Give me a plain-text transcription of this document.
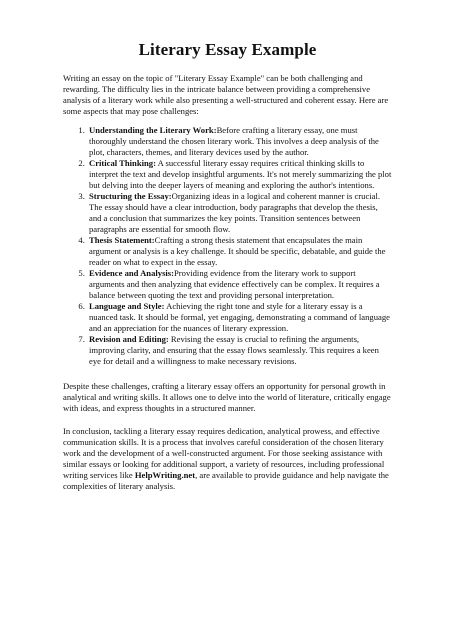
Literary Essay Example

Writing an essay on the topic of "Literary Essay Example" can be both challenging and rewarding. The difficulty lies in the intricate balance between providing a comprehensive analysis of a literary work while also presenting a well-structured and coherent essay. Here are some aspects that may pose challenges:

1. Understanding the Literary Work:Before crafting a literary essay, one must thoroughly understand the chosen literary work. This involves a deep analysis of the plot, characters, themes, and literary devices used by the author.
2. Critical Thinking: A successful literary essay requires critical thinking skills to interpret the text and develop insightful arguments. It's not merely summarizing the plot but delving into the deeper layers of meaning and exploring the author's intentions.
3. Structuring the Essay:Organizing ideas in a logical and coherent manner is crucial. The essay should have a clear introduction, body paragraphs that develop the thesis, and a conclusion that summarizes the key points. Transition sentences between paragraphs are essential for smooth flow.
4. Thesis Statement:Crafting a strong thesis statement that encapsulates the main argument or analysis is a key challenge. It should be specific, debatable, and guide the reader on what to expect in the essay.
5. Evidence and Analysis:Providing evidence from the literary work to support arguments and then analyzing that evidence effectively can be complex. It requires a balance between quoting the text and providing personal interpretation.
6. Language and Style: Achieving the right tone and style for a literary essay is a nuanced task. It should be formal, yet engaging, demonstrating a command of language and an appreciation for the nuances of literary expression.
7. Revision and Editing: Revising the essay is crucial to refining the arguments, improving clarity, and ensuring that the essay flows seamlessly. This requires a keen eye for detail and a willingness to make necessary revisions.

Despite these challenges, crafting a literary essay offers an opportunity for personal growth in analytical and writing skills. It allows one to delve into the world of literature, critically engage with ideas, and express thoughts in a structured manner.

In conclusion, tackling a literary essay requires dedication, analytical prowess, and effective communication skills. It is a process that involves careful consideration of the chosen literary work and the development of a well-constructed argument. For those seeking assistance with similar essays or looking for additional support, a variety of resources, including professional writing services like HelpWriting.net, are available to provide guidance and help navigate the complexities of literary analysis.
